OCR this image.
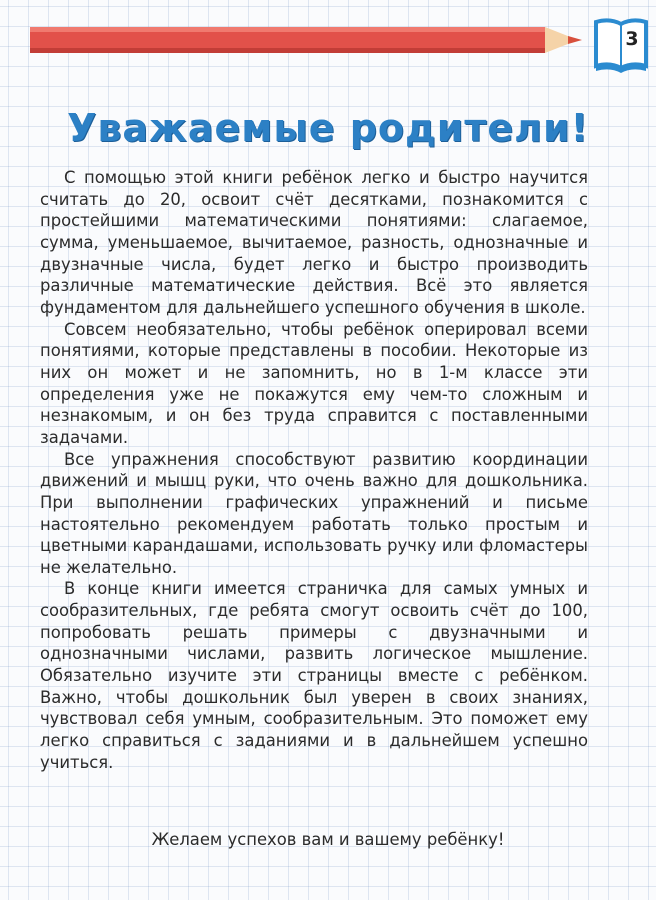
3
Уважаемые родители!

С помощью этой книги ребёнок легко и быстро научится считать до 20, освоит счёт десятками, познакомится с простейшими математическими понятиями: слагаемое, сумма, уменьшаемое, вычитаемое, разность, однозначные и двузначные числа, будет легко и быстро производить различные математические действия. Всё это является фундаментом для дальнейшего успешного обучения в школе.

Совсем необязательно, чтобы ребёнок оперировал всеми понятиями, которые представлены в пособии. Некоторые из них он может и не запомнить, но в 1-м классе эти определения уже не покажутся ему чем-то сложным и незнакомым, и он без труда справится с поставленными задачами.

Все упражнения способствуют развитию координации движений и мышц руки, что очень важно для дошкольника. При выполнении графических упражнений и письме настоятельно рекомендуем работать только простым и цветными карандашами, использовать ручку или фломастеры не желательно.

В конце книги имеется страничка для самых умных и сообразительных, где ребята смогут освоить счёт до 100, попробовать решать примеры с двузначными и однозначными числами, развить логическое мышление. Обязательно изучите эти страницы вместе с ребёнком. Важно, чтобы дошкольник был уверен в своих знаниях, чувствовал себя умным, сообразительным. Это поможет ему легко справиться с заданиями и в дальнейшем успешно учиться.

Желаем успехов вам и вашему ребёнку!
